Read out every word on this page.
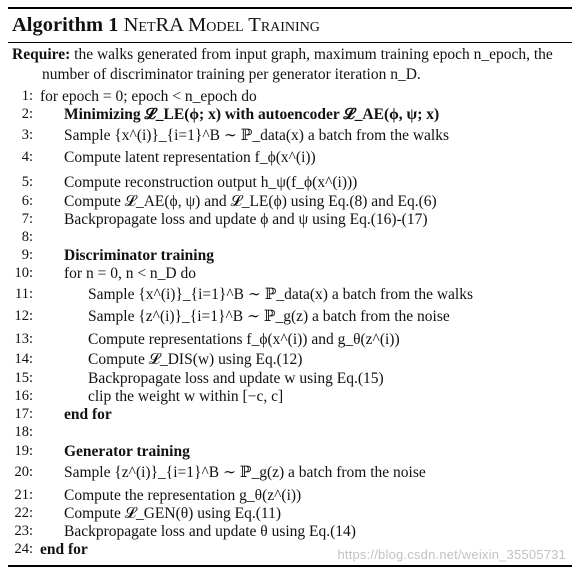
Algorithm 1 NetRA Model Training
Require: the walks generated from input graph, maximum training epoch n_epoch, the
number of discriminator training per generator iteration n_D.
1: for epoch = 0; epoch < n_epoch do
2: Minimizing 𝓛_LE(ϕ; x) with autoencoder 𝓛_AE(ϕ, ψ; x)
3: Sample {x^(i)}_{i=1}^B ∼ ℙ_data(x) a batch from the walks
4: Compute latent representation f_ϕ(x^(i))
5: Compute reconstruction output h_ψ(f_ϕ(x^(i)))
6: Compute 𝓛_AE(ϕ, ψ) and 𝓛_LE(ϕ) using Eq.(8) and Eq.(6)
7: Backpropagate loss and update ϕ and ψ using Eq.(16)-(17)
8:
9: Discriminator training
10: for n = 0, n < n_D do
11:	Sample {x^(i)}_{i=1}^B ∼ ℙ_data(x) a batch from the walks
12:	Sample {z^(i)}_{i=1}^B ∼ ℙ_g(z) a batch from the noise
13:	Compute representations f_ϕ(x^(i)) and g_θ(z^(i))
14:	Compute 𝓛_DIS(w) using Eq.(12)
15:	Backpropagate loss and update w using Eq.(15)
16:	clip the weight w within [−c, c]
17: end for
18:
19: Generator training
20: Sample {z^(i)}_{i=1}^B ∼ ℙ_g(z) a batch from the noise
21: Compute the representation g_θ(z^(i))
22: Compute 𝓛_GEN(θ) using Eq.(11)
23: Backpropagate loss and update θ using Eq.(14)
24: end for	https://blog.csdn.net/weixin_35505731
